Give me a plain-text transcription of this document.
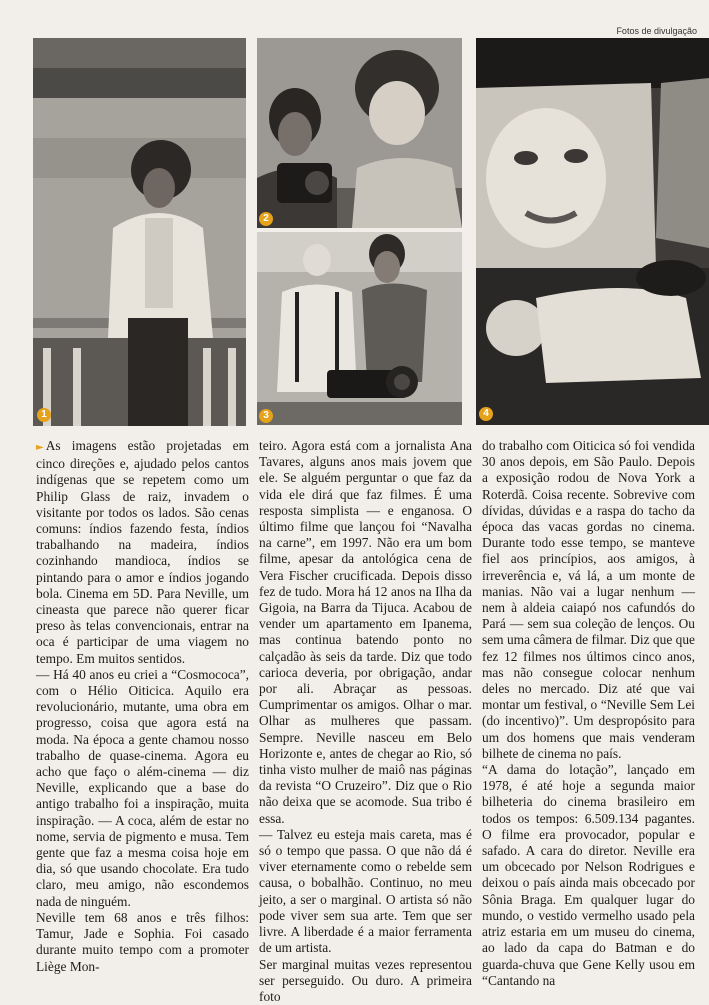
Fotos de divulgação
1
2
3	4

► As imagens estão projetadas em cinco direções e, ajudado pelos cantos indígenas que se repetem como um Philip Glass de raiz, invadem o visitante por todos os lados. São cenas comuns: índios fazendo festa, índios trabalhando na madeira, índios cozinhando mandioca, índios se pintando para o amor e índios jogando bola. Cinema em 5D. Para Neville, um cineasta que parece não querer ficar preso às telas convencionais, entrar na oca é participar de uma viagem no tempo. Em muitos sentidos.

— Há 40 anos eu criei a “Cosmococa”, com o Hélio Oiticica. Aquilo era revolucionário, mutante, uma obra em progresso, coisa que agora está na moda. Na época a gente chamou nosso trabalho de quase-cinema. Agora eu acho que faço o além-cinema — diz Neville, explicando que a base do antigo trabalho foi a inspiração, muita inspiração. — A coca, além de estar no nome, servia de pigmento e musa. Tem gente que faz a mesma coisa hoje em dia, só que usando chocolate. Era tudo claro, meu amigo, não escondemos nada de ninguém.

Neville tem 68 anos e três filhos: Tamur, Jade e Sophia. Foi casado durante muito tempo com a promoter Liège Mon-

teiro. Agora está com a jornalista Ana Tavares, alguns anos mais jovem que ele. Se alguém perguntar o que faz da vida ele dirá que faz filmes. É uma resposta simplista — e enganosa. O último filme que lançou foi “Navalha na carne”, em 1997. Não era um bom filme, apesar da antológica cena de Vera Fischer crucificada. Depois disso fez de tudo. Mora há 12 anos na Ilha da Gigoia, na Barra da Tijuca. Acabou de vender um apartamento em Ipanema, mas continua batendo ponto no calçadão às seis da tarde. Diz que todo carioca deveria, por obrigação, andar por ali. Abraçar as pessoas. Cumprimentar os amigos. Olhar o mar. Olhar as mulheres que passam. Sempre. Neville nasceu em Belo Horizonte e, antes de chegar ao Rio, só tinha visto mulher de maiô nas páginas da revista “O Cruzeiro”. Diz que o Rio não deixa que se acomode. Sua tribo é essa.

— Talvez eu esteja mais careta, mas é só o tempo que passa. O que não dá é viver eternamente como o rebelde sem causa, o bobalhão. Continuo, no meu jeito, a ser o marginal. O artista só não pode viver sem sua arte. Tem que ser livre. A liberdade é a maior ferramenta de um artista.

Ser marginal muitas vezes representou ser perseguido. Ou duro. A primeira foto

do trabalho com Oiticica só foi vendida 30 anos depois, em São Paulo. Depois a exposição rodou de Nova York a Roterdã. Coisa recente. Sobrevive com dívidas, dúvidas e a raspa do tacho da época das vacas gordas no cinema. Durante todo esse tempo, se manteve fiel aos princípios, aos amigos, à irreverência e, vá lá, a um monte de manias. Não vai a lugar nenhum — nem à aldeia caiapó nos cafundós do Pará — sem sua coleção de lenços. Ou sem uma câmera de filmar. Diz que que fez 12 filmes nos últimos cinco anos, mas não consegue colocar nenhum deles no mercado. Diz até que vai montar um festival, o “Neville Sem Lei (do incentivo)”. Um despropósito para um dos homens que mais venderam bilhete de cinema no país.

“A dama do lotação”, lançado em 1978, é até hoje a segunda maior bilheteria do cinema brasileiro em todos os tempos: 6.509.134 pagantes. O filme era provocador, popular e safado. A cara do diretor. Neville era um obcecado por Nelson Rodrigues e deixou o país ainda mais obcecado por Sônia Braga. Em qualquer lugar do mundo, o vestido vermelho usado pela atriz estaria em um museu do cinema, ao lado da capa do Batman e do guarda-chuva que Gene Kelly usou em “Cantando na
